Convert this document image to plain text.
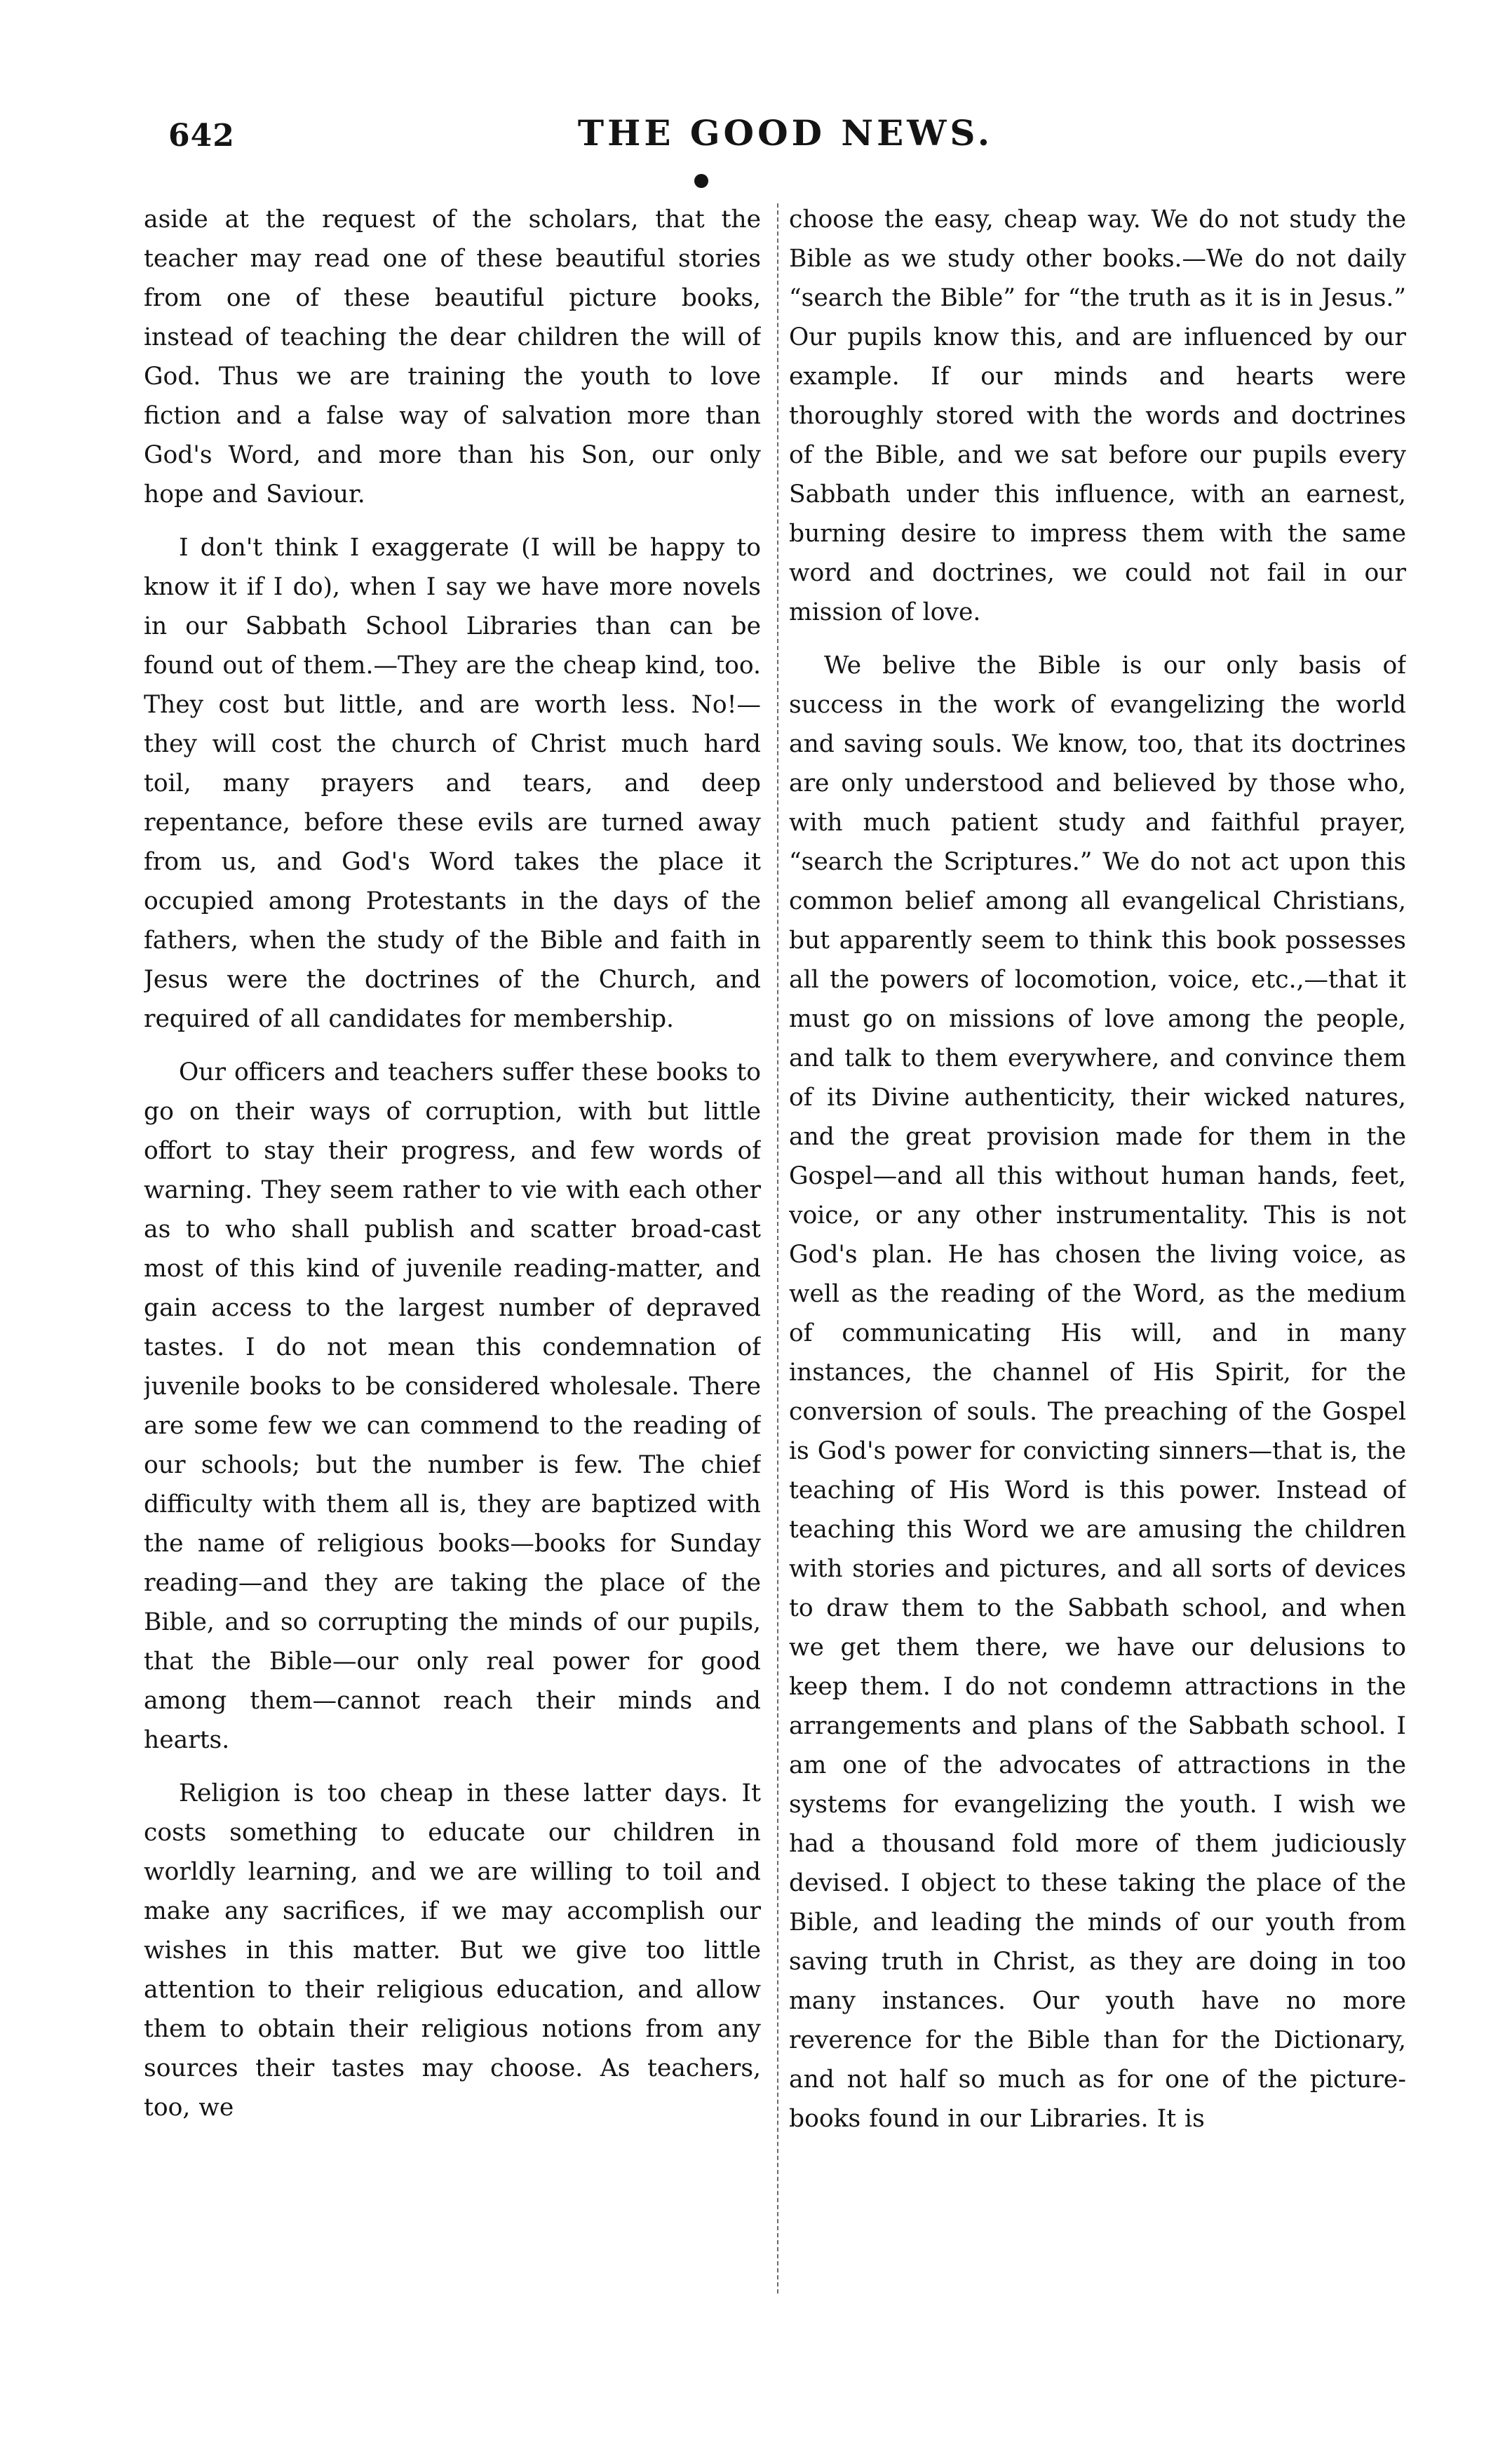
642	THE GOOD NEWS.

aside at the request of the scholars, that the teacher may read one of these beautiful stories from one of these beautiful picture books, instead of teaching the dear children the will of God. Thus we are training the youth to love fiction and a false way of salvation more than God's Word, and more than his Son, our only hope and Saviour.

I don't think I exaggerate (I will be happy to know it if I do), when I say we have more novels in our Sabbath School Libraries than can be found out of them.—They are the cheap kind, too. They cost but little, and are worth less. No!—they will cost the church of Christ much hard toil, many prayers and tears, and deep repentance, before these evils are turned away from us, and God's Word takes the place it occupied among Protestants in the days of the fathers, when the study of the Bible and faith in Jesus were the doctrines of the Church, and required of all candidates for membership.

Our officers and teachers suffer these books to go on their ways of corruption, with but little offort to stay their progress, and few words of warning. They seem rather to vie with each other as to who shall publish and scatter broad-cast most of this kind of juvenile reading-matter, and gain access to the largest number of depraved tastes. I do not mean this condemnation of juvenile books to be considered wholesale. There are some few we can commend to the reading of our schools; but the number is few. The chief difficulty with them all is, they are baptized with the name of religious books—books for Sunday reading—and they are taking the place of the Bible, and so corrupting the minds of our pupils, that the Bible—our only real power for good among them—cannot reach their minds and hearts.

Religion is too cheap in these latter days. It costs something to educate our children in worldly learning, and we are willing to toil and make any sacrifices, if we may accomplish our wishes in this matter. But we give too little attention to their religious education, and allow them to obtain their religious notions from any sources their tastes may choose. As teachers, too, we

choose the easy, cheap way. We do not study the Bible as we study other books.—We do not daily “search the Bible” for “the truth as it is in Jesus.” Our pupils know this, and are influenced by our example. If our minds and hearts were thoroughly stored with the words and doctrines of the Bible, and we sat before our pupils every Sabbath under this influence, with an earnest, burning desire to impress them with the same word and doctrines, we could not fail in our mission of love.

We belive the Bible is our only basis of success in the work of evangelizing the world and saving souls. We know, too, that its doctrines are only understood and believed by those who, with much patient study and faithful prayer, “search the Scriptures.” We do not act upon this common belief among all evangelical Christians, but apparently seem to think this book possesses all the powers of locomotion, voice, etc.,—that it must go on missions of love among the people, and talk to them everywhere, and convince them of its Divine authenticity, their wicked natures, and the great provision made for them in the Gospel—and all this without human hands, feet, voice, or any other instrumentality. This is not God's plan. He has chosen the living voice, as well as the reading of the Word, as the medium of communicating His will, and in many instances, the channel of His Spirit, for the conversion of souls. The preaching of the Gospel is God's power for convicting sinners—that is, the teaching of His Word is this power. Instead of teaching this Word we are amusing the children with stories and pictures, and all sorts of devices to draw them to the Sabbath school, and when we get them there, we have our delusions to keep them. I do not condemn attractions in the arrangements and plans of the Sabbath school. I am one of the advocates of attractions in the systems for evangelizing the youth. I wish we had a thousand fold more of them judiciously devised. I object to these taking the place of the Bible, and leading the minds of our youth from saving truth in Christ, as they are doing in too many instances. Our youth have no more reverence for the Bible than for the Dictionary, and not half so much as for one of the picture-books found in our Libraries. It is
